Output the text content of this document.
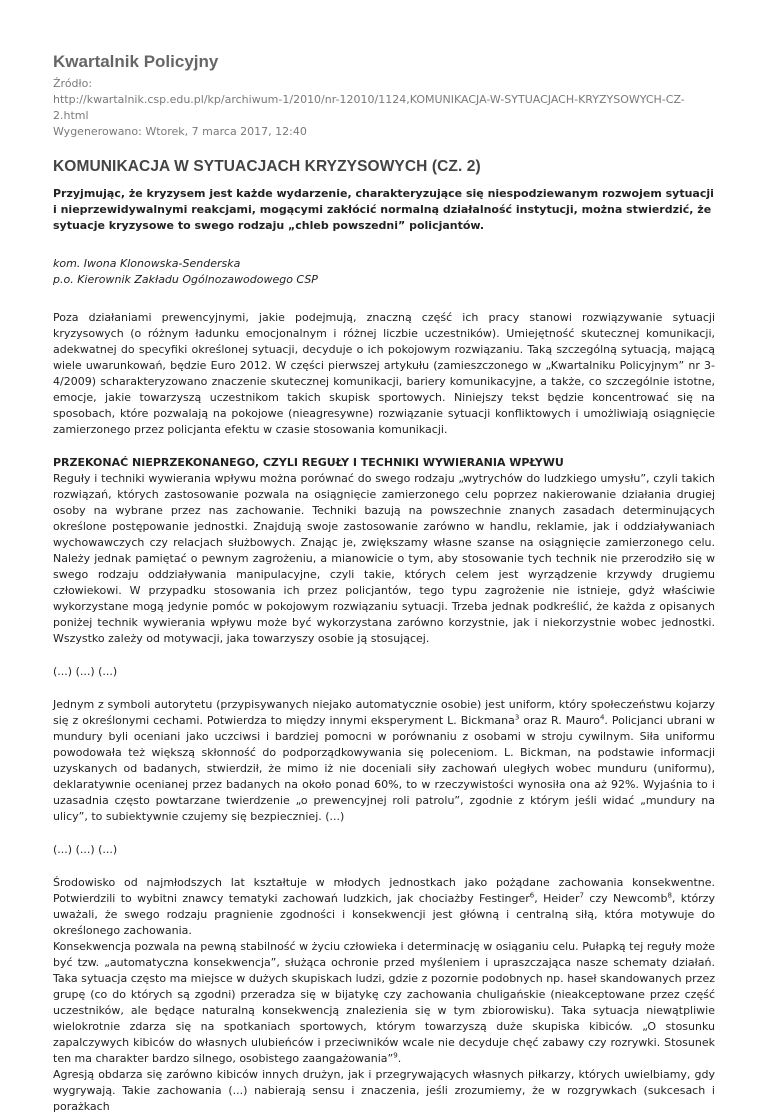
Kwartalnik Policyjny
Źródło:
http://kwartalnik.csp.edu.pl/kp/archiwum-1/2010/nr-12010/1124,KOMUNIKACJA-W-SYTUACJACH-KRYZYSOWYCH-CZ-2.html
Wygenerowano: Wtorek, 7 marca 2017, 12:40
KOMUNIKACJA W SYTUACJACH KRYZYSOWYCH (CZ. 2)
Przyjmując, że kryzysem jest każde wydarzenie, charakteryzujące się niespodziewanym rozwojem sytuacji i nieprzewidywalnymi reakcjami, mogącymi zakłócić normalną działalność instytucji, można stwierdzić, że sytuacje kryzysowe to swego rodzaju „chleb powszedni” policjantów.
kom. Iwona Klonowska-Senderska
p.o. Kierownik Zakładu Ogólnozawodowego CSP
Poza działaniami prewencyjnymi, jakie podejmują, znaczną część ich pracy stanowi rozwiązywanie sytuacji kryzysowych (o różnym ładunku emocjonalnym i różnej liczbie uczestników). Umiejętność skutecznej komunikacji, adekwatnej do specyfiki określonej sytuacji, decyduje o ich pokojowym rozwiązaniu. Taką szczególną sytuacją, mającą wiele uwarunkowań, będzie Euro 2012. W części pierwszej artykułu (zamieszczonego w „Kwartalniku Policyjnym” nr 3-4/2009) scharakteryzowano znaczenie skutecznej komunikacji, bariery komunikacyjne, a także, co szczególnie istotne, emocje, jakie towarzyszą uczestnikom takich skupisk sportowych. Niniejszy tekst będzie koncentrować się na sposobach, które pozwalają na pokojowe (nieagresywne) rozwiązanie sytuacji konfliktowych i umożliwiają osiągnięcie zamierzonego przez policjanta efektu w czasie stosowania komunikacji.
PRZEKONAĆ NIEPRZEKONANEGO, CZYLI REGUŁY I TECHNIKI WYWIERANIA WPŁYWU
Reguły i techniki wywierania wpływu można porównać do swego rodzaju „wytrychów do ludzkiego umysłu”, czyli takich rozwiązań, których zastosowanie pozwala na osiągnięcie zamierzonego celu poprzez nakierowanie działania drugiej osoby na wybrane przez nas zachowanie. Techniki bazują na powszechnie znanych zasadach determinujących określone postępowanie jednostki. Znajdują swoje zastosowanie zarówno w handlu, reklamie, jak i oddziaływaniach wychowawczych czy relacjach służbowych. Znając je, zwiększamy własne szanse na osiągnięcie zamierzonego celu. Należy jednak pamiętać o pewnym zagrożeniu, a mianowicie o tym, aby stosowanie tych technik nie przerodziło się w swego rodzaju oddziaływania manipulacyjne, czyli takie, których celem jest wyrządzenie krzywdy drugiemu człowiekowi. W przypadku stosowania ich przez policjantów, tego typu zagrożenie nie istnieje, gdyż właściwie wykorzystane mogą jedynie pomóc w pokojowym rozwiązaniu sytuacji. Trzeba jednak podkreślić, że każda z opisanych poniżej technik wywierania wpływu może być wykorzystana zarówno korzystnie, jak i niekorzystnie wobec jednostki. Wszystko zależy od motywacji, jaka towarzyszy osobie ją stosującej.
(...) (...) (...)
Jednym z symboli autorytetu (przypisywanych niejako automatycznie osobie) jest uniform, który społeczeństwu kojarzy się z określonymi cechami. Potwierdza to między innymi eksperyment L. Bickmana$^3$ oraz R. Mauro$^4$. Policjanci ubrani w mundury byli oceniani jako uczciwsi i bardziej pomocni w porównaniu z osobami w stroju cywilnym. Siła uniformu powodowała też większą skłonność do podporządkowywania się poleceniom. L. Bickman, na podstawie informacji uzyskanych od badanych, stwierdził, że mimo iż nie doceniali siły zachowań uległych wobec munduru (uniformu), deklaratywnie ocenianej przez badanych na około ponad 60%, to w rzeczywistości wynosiła ona aż 92%. Wyjaśnia to i uzasadnia często powtarzane twierdzenie „o prewencyjnej roli patrolu”, zgodnie z którym jeśli widać „mundury na ulicy”, to subiektywnie czujemy się bezpieczniej. (...)
(...) (...) (...)
Środowisko od najmłodszych lat kształtuje w młodych jednostkach jako pożądane zachowania konsekwentne. Potwierdzili to wybitni znawcy tematyki zachowań ludzkich, jak chociażby Festinger$^6$, Heider$^7$ czy Newcomb$^8$, którzy uważali, że swego rodzaju pragnienie zgodności i konsekwencji jest główną i centralną siłą, która motywuje do określonego zachowania.
Konsekwencja pozwala na pewną stabilność w życiu człowieka i determinację w osiąganiu celu. Pułapką tej reguły może być tzw. „automatyczna konsekwencja”, służąca ochronie przed myśleniem i upraszczająca nasze schematy działań. Taka sytuacja często ma miejsce w dużych skupiskach ludzi, gdzie z pozornie podobnych np. haseł skandowanych przez grupę (co do których są zgodni) przeradza się w bijatykę czy zachowania chuligańskie (nieakceptowane przez część uczestników, ale będące naturalną konsekwencją znalezienia się w tym zbiorowisku). Taka sytuacja niewątpliwie wielokrotnie zdarza się na spotkaniach sportowych, którym towarzyszą duże skupiska kibiców. „O stosunku zapalczywych kibiców do własnych ulubieńców i przeciwników wcale nie decyduje chęć zabawy czy rozrywki. Stosunek ten ma charakter bardzo silnego, osobistego zaangażowania”$^9$.
Agresją obdarza się zarówno kibiców innych drużyn, jak i przegrywających własnych piłkarzy, których uwielbiamy, gdy wygrywają. Takie zachowania (...) nabierają sensu i znaczenia, jeśli zrozumiemy, że w rozgrywkach (sukcesach i porażkach
